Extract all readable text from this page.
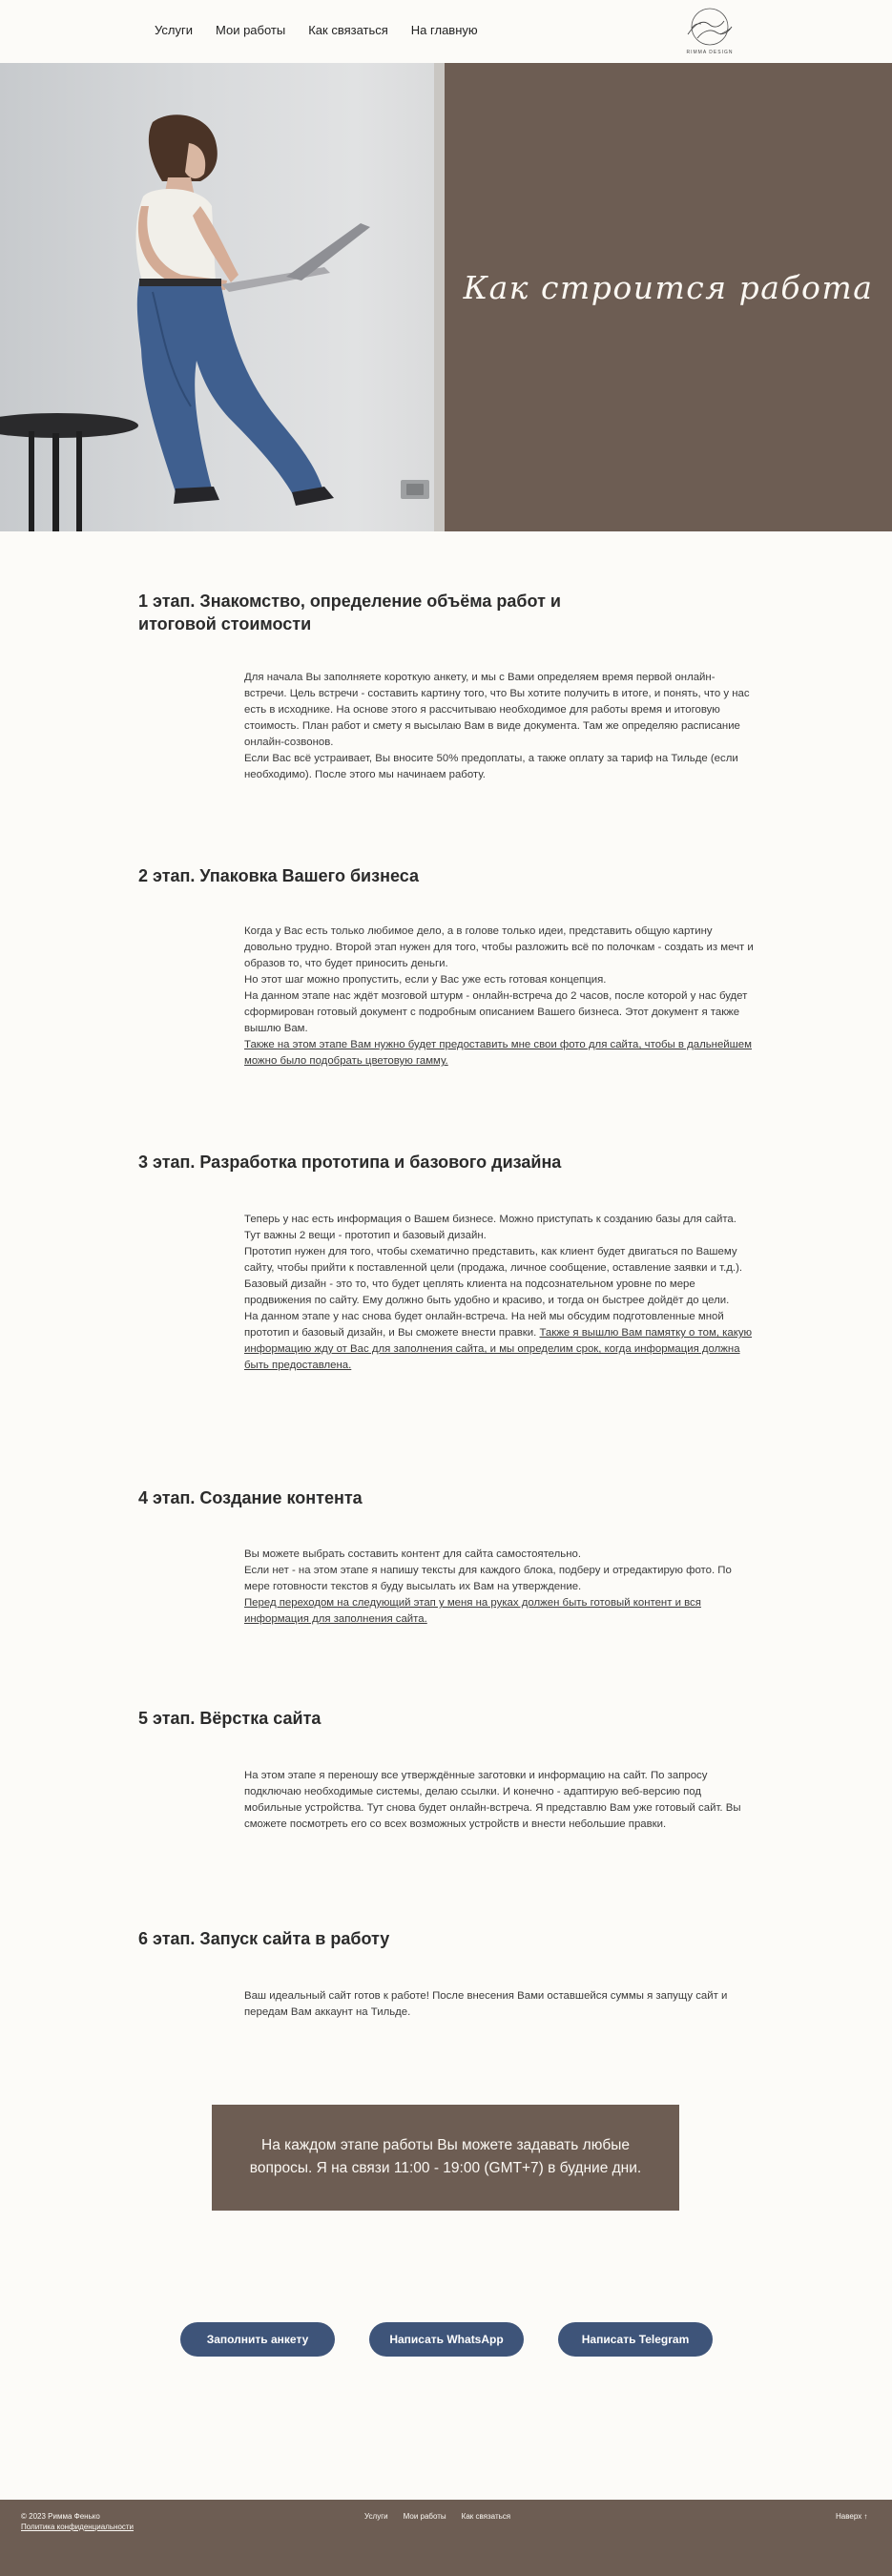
Услуги Мои работы Как связаться На главную
RIMMA DESIGN
Как строится работа
1 этап. Знакомство, определение объёма работ и итоговой стоимости

Для начала Вы заполняете короткую анкету, и мы с Вами определяем время первой онлайн-встречи. Цель встречи - составить картину того, что Вы хотите получить в итоге, и понять, что у нас есть в исходнике. На основе этого я рассчитываю необходимое для работы время и итоговую стоимость. План работ и смету я высылаю Вам в виде документа. Там же определяю расписание онлайн-созвонов.

Если Вас всё устраивает, Вы вносите 50% предоплаты, а также оплату за тариф на Тильде (если необходимо). После этого мы начинаем работу.

2 этап. Упаковка Вашего бизнеса

Когда у Вас есть только любимое дело, а в голове только идеи, представить общую картину довольно трудно. Второй этап нужен для того, чтобы разложить всё по полочкам - создать из мечт и образов то, что будет приносить деньги.

Но этот шаг можно пропустить, если у Вас уже есть готовая концепция.

На данном этапе нас ждёт мозговой штурм - онлайн-встреча до 2 часов, после которой у нас будет сформирован готовый документ с подробным описанием Вашего бизнеса. Этот документ я также вышлю Вам.

Также на этом этапе Вам нужно будет предоставить мне свои фото для сайта, чтобы в дальнейшем можно было подобрать цветовую гамму.

3 этап. Разработка прототипа и базового дизайна

Теперь у нас есть информация о Вашем бизнесе. Можно приступать к созданию базы для сайта. Тут важны 2 вещи - прототип и базовый дизайн.

Прототип нужен для того, чтобы схематично представить, как клиент будет двигаться по Вашему сайту, чтобы прийти к поставленной цели (продажа, личное сообщение, оставление заявки и т.д.).

Базовый дизайн - это то, что будет цеплять клиента на подсознательном уровне по мере продвижения по сайту. Ему должно быть удобно и красиво, и тогда он быстрее дойдёт до цели.

На данном этапе у нас снова будет онлайн-встреча. На ней мы обсудим подготовленные мной прототип и базовый дизайн, и Вы сможете внести правки. Также я вышлю Вам памятку о том, какую информацию жду от Вас для заполнения сайта, и мы определим срок, когда информация должна быть предоставлена.

4 этап. Создание контента

Вы можете выбрать составить контент для сайта самостоятельно.

Если нет - на этом этапе я напишу тексты для каждого блока, подберу и отредактирую фото. По мере готовности текстов я буду высылать их Вам на утверждение.

Перед переходом на следующий этап у меня на руках должен быть готовый контент и вся информация для заполнения сайта.

5 этап. Вёрстка сайта

На этом этапе я переношу все утверждённые заготовки и информацию на сайт. По запросу подключаю необходимые системы, делаю ссылки. И конечно - адаптирую веб-версию под мобильные устройства. Тут снова будет онлайн-встреча. Я представлю Вам уже готовый сайт. Вы сможете посмотреть его со всех возможных устройств и внести небольшие правки.

6 этап. Запуск сайта в работу

Ваш идеальный сайт готов к работе! После внесения Вами оставшейся суммы я запущу сайт и передам Вам аккаунт на Тильде.

На каждом этапе работы Вы можете задавать любые
вопросы. Я на связи 11:00 - 19:00 (GMT+7) в будние дни.
Заполнить анкету	Написать WhatsApp	Написать Telegram
© 2023 Римма Фенько
Политика конфиденциальности
Услуги Мои работы Как связаться	Наверх ↑
